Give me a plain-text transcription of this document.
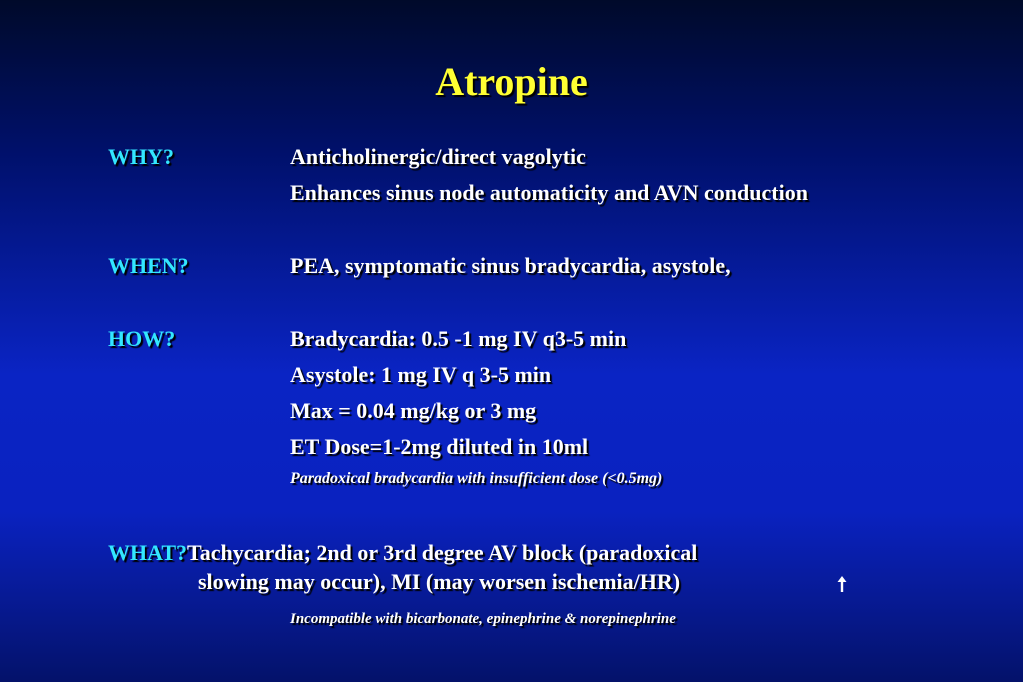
Atropine
WHY?	Anticholinergic/direct vagolytic
Enhances sinus node automaticity and AVN conduction
WHEN?	PEA, symptomatic sinus bradycardia, asystole,
HOW?	Bradycardia: 0.5 -1 mg IV q3-5 min
Asystole: 1 mg IV q 3-5 min
Max = 0.04 mg/kg or 3 mg
ET Dose=1-2mg diluted in 10ml
Paradoxical bradycardia with insufficient dose (<0.5mg)
WHAT?Tachycardia; 2nd or 3rd degree AV block (paradoxical
slowing may occur), MI (may worsen ischemia/HR)
Incompatible with bicarbonate, epinephrine & norepinephrine
